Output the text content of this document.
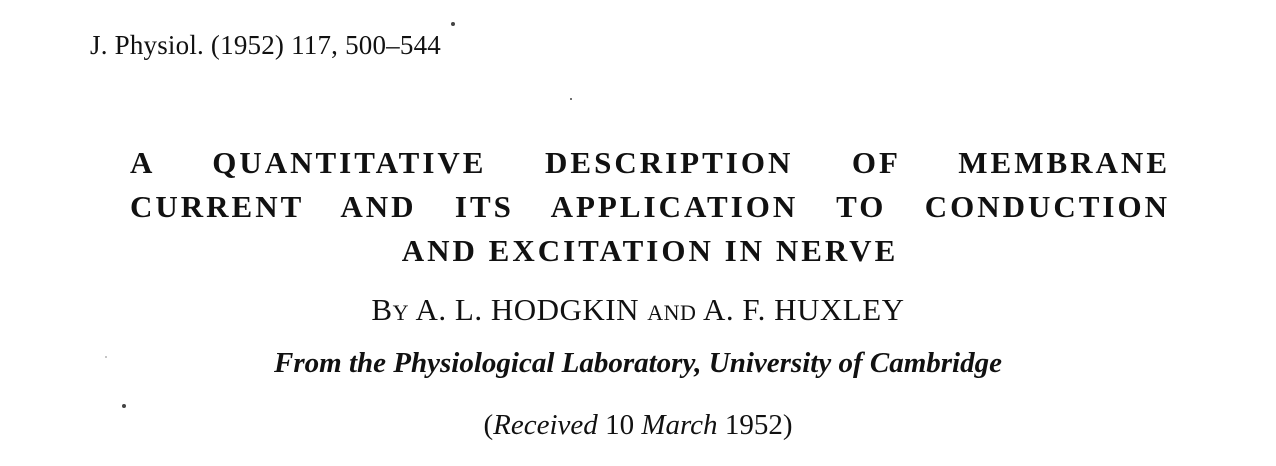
J. Physiol. (1952) 117, 500–544
A QUANTITATIVE DESCRIPTION OF MEMBRANE
CURRENT AND ITS APPLICATION TO CONDUCTION
AND EXCITATION IN NERVE
By A. L. HODGKIN and A. F. HUXLEY
From the Physiological Laboratory, University of Cambridge
(Received 10 March 1952)
